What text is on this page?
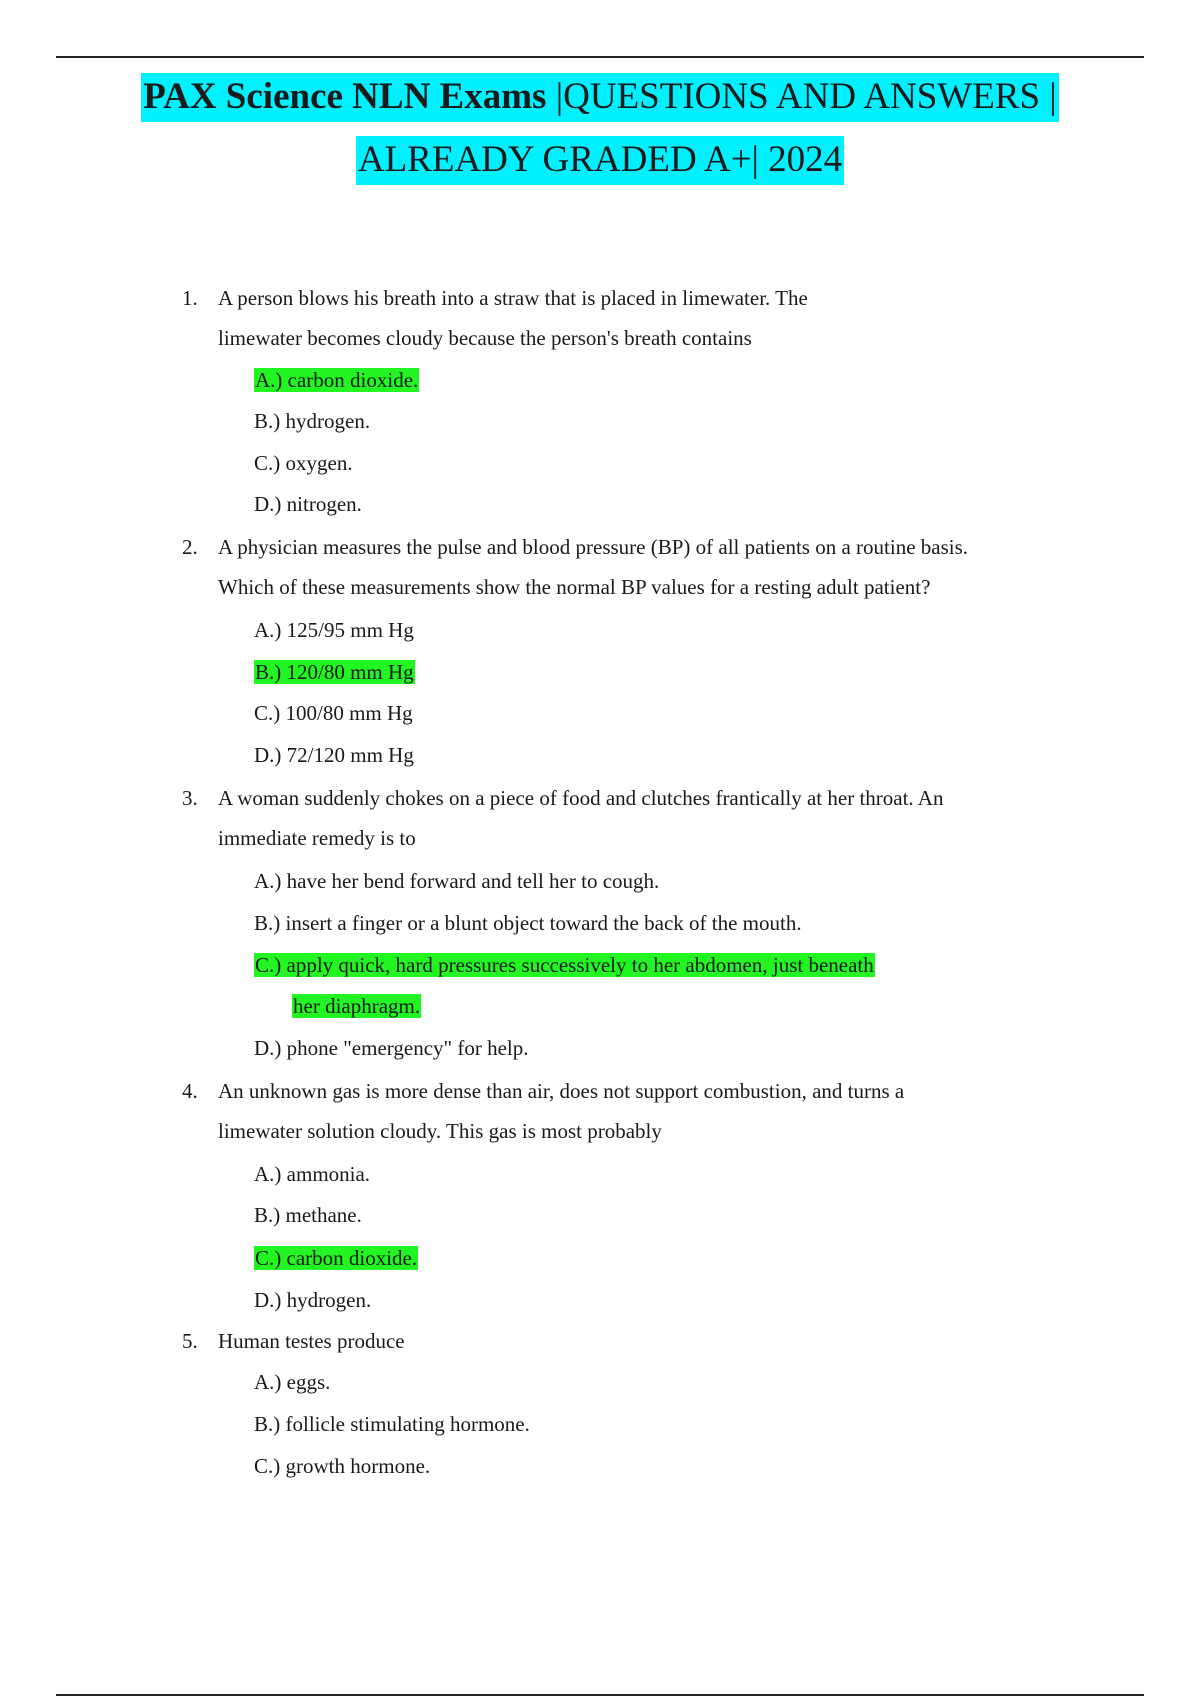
PAX Science NLN Exams |QUESTIONS AND ANSWERS |
ALREADY GRADED A+| 2024
1. A person blows his breath into a straw that is placed in limewater. The
limewater becomes cloudy because the person's breath contains
A.) carbon dioxide.
B.) hydrogen.
C.) oxygen.
D.) nitrogen.
2. A physician measures the pulse and blood pressure (BP) of all patients on a routine basis.
Which of these measurements show the normal BP values for a resting adult patient?
A.) 125/95 mm Hg
B.) 120/80 mm Hg
C.) 100/80 mm Hg
D.) 72/120 mm Hg
3. A woman suddenly chokes on a piece of food and clutches frantically at her throat. An
immediate remedy is to
A.) have her bend forward and tell her to cough.
B.) insert a finger or a blunt object toward the back of the mouth.
C.) apply quick, hard pressures successively to her abdomen, just beneath
her diaphragm.
D.) phone "emergency" for help.
4. An unknown gas is more dense than air, does not support combustion, and turns a
limewater solution cloudy. This gas is most probably
A.) ammonia.
B.) methane.
C.) carbon dioxide.
D.) hydrogen.
5. Human testes produce
A.) eggs.
B.) follicle stimulating hormone.
C.) growth hormone.
